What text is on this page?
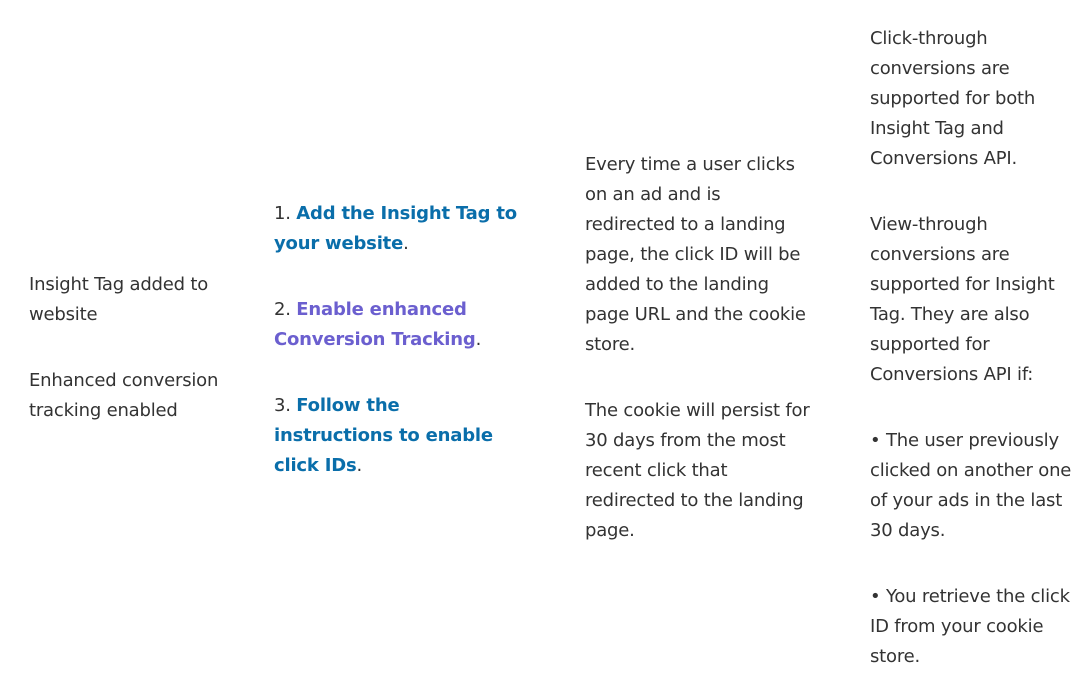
Insight Tag added to website

Enhanced conversion tracking enabled

1. Add the Insight Tag to your website.

2. Enable enhanced Conversion Tracking.

3. Follow the instructions to enable click IDs.

Every time a user clicks on an ad and is redirected to a landing page, the click ID will be added to the landing page URL and the cookie store.

The cookie will persist for 30 days from the most recent click that redirected to the landing page.

Click-through conversions are supported for both Insight Tag and Conversions API.

View-through conversions are supported for Insight Tag. They are also supported for Conversions API if:

• The user previously clicked on another one of your ads in the last 30 days.

• You retrieve the click ID from your cookie store.
